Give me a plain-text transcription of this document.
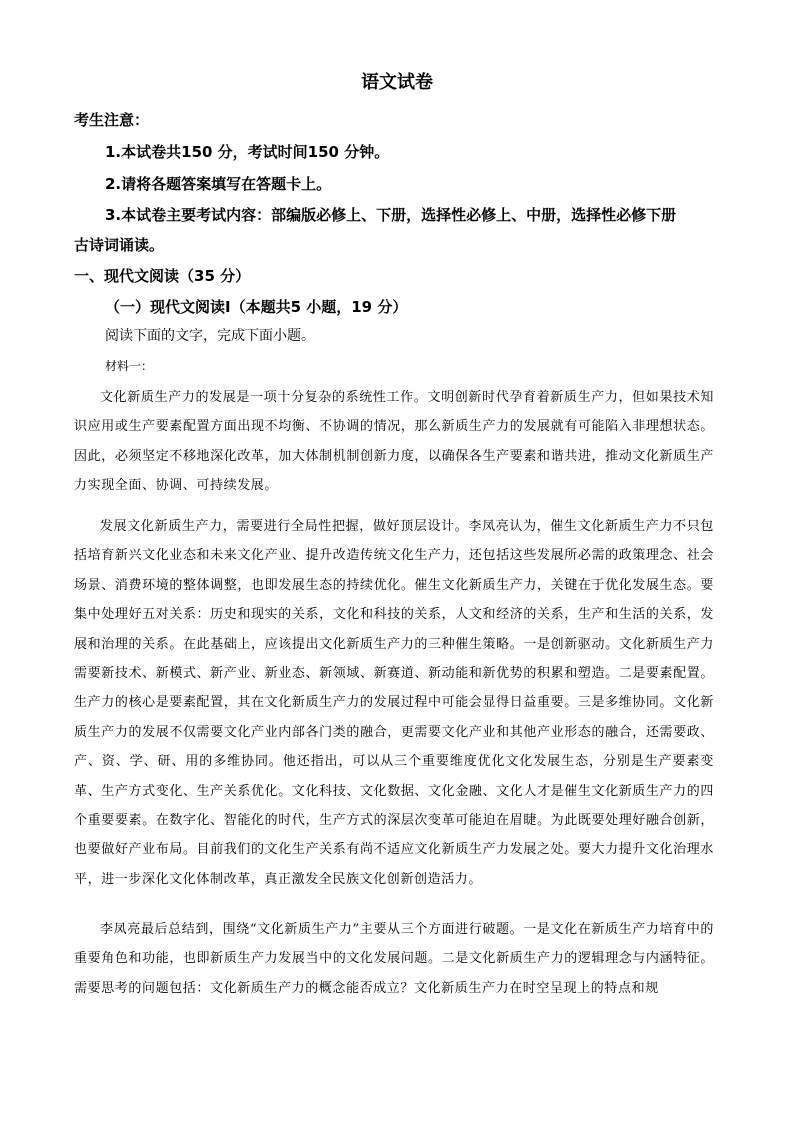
语文试卷
考生注意：
1.本试卷共150 分，考试时间150 分钟。
2.请将各题答案填写在答题卡上。
3.本试卷主要考试内容：部编版必修上、下册，选择性必修上、中册，选择性必修下册
古诗词诵读。
一、现代文阅读（35 分）
（一）现代文阅读Ⅰ（本题共5 小题，19 分）
阅读下面的文字，完成下面小题。
材料一：

文化新质生产力的发展是一项十分复杂的系统性工作。文明创新时代孕育着新质生产力，但如果技术知识应用或生产要素配置方面出现不均衡、不协调的情况，那么新质生产力的发展就有可能陷入非理想状态。因此，必须坚定不移地深化改革，加大体制机制创新力度，以确保各生产要素和谐共进，推动文化新质生产力实现全面、协调、可持续发展。

发展文化新质生产力，需要进行全局性把握，做好顶层设计。李凤亮认为，催生文化新质生产力不只包括培育新兴文化业态和未来文化产业、提升改造传统文化生产力，还包括这些发展所必需的政策理念、社会场景、消费环境的整体调整，也即发展生态的持续优化。催生文化新质生产力，关键在于优化发展生态。要集中处理好五对关系：历史和现实的关系，文化和科技的关系，人文和经济的关系，生产和生活的关系，发展和治理的关系。在此基础上，应该提出文化新质生产力的三种催生策略。一是创新驱动。文化新质生产力需要新技术、新模式、新产业、新业态、新领域、新赛道、新动能和新优势的积累和塑造。二是要素配置。生产力的核心是要素配置，其在文化新质生产力的发展过程中可能会显得日益重要。三是多维协同。文化新质生产力的发展不仅需要文化产业内部各门类的融合，更需要文化产业和其他产业形态的融合，还需要政、产、资、学、研、用的多维协同。他还指出，可以从三个重要维度优化文化发展生态，分别是生产要素变革、生产方式变化、生产关系优化。文化科技、文化数据、文化金融、文化人才是催生文化新质生产力的四个重要要素。在数字化、智能化的时代，生产方式的深层次变革可能迫在眉睫。为此既要处理好融合创新，也要做好产业布局。目前我们的文化生产关系有尚不适应文化新质生产力发展之处。要大力提升文化治理水平，进一步深化文化体制改革，真正激发全民族文化创新创造活力。

李凤亮最后总结到，围绕“文化新质生产力”主要从三个方面进行破题。一是文化在新质生产力培育中的重要角色和功能，也即新质生产力发展当中的文化发展问题。二是文化新质生产力的逻辑理念与内涵特征。需要思考的问题包括：文化新质生产力的概念能否成立？文化新质生产力在时空呈现上的特点和规
